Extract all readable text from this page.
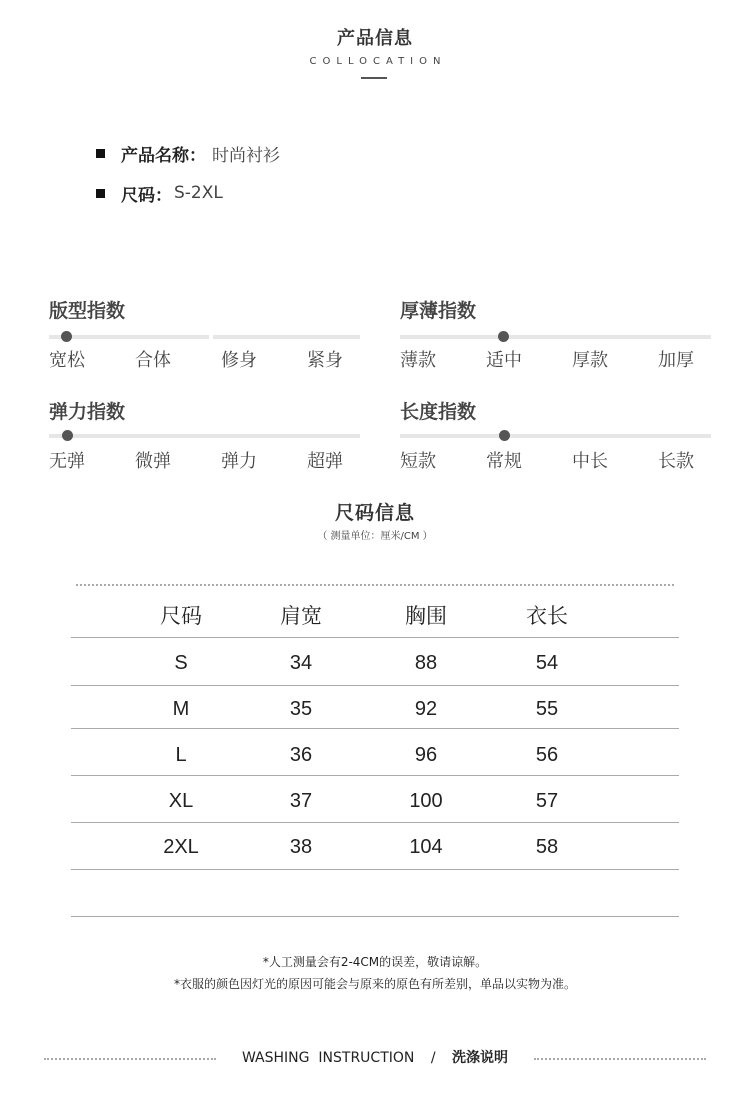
产品信息
COLLOCATION
产品名称： 时尚衬衫
尺码： S-2XL
版型指数
宽松	合体	修身	紧身
厚薄指数
薄款	适中	厚款	加厚
弹力指数
无弹	微弹	弹力	超弹
长度指数
短款	常规	中长	长款
尺码信息
（ 测量单位：厘米/CM ）
尺码	肩宽	胸围	衣长
S	34	88	54
M	35	92	55
L	36	96	56
XL	37	100	57
2XL	38	104	58
*人工测量会有2-4CM的误差，敬请谅解。
*衣服的颜色因灯光的原因可能会与原来的原色有所差别，单品以实物为准。
WASHING  INSTRUCTION / 洗涤说明
